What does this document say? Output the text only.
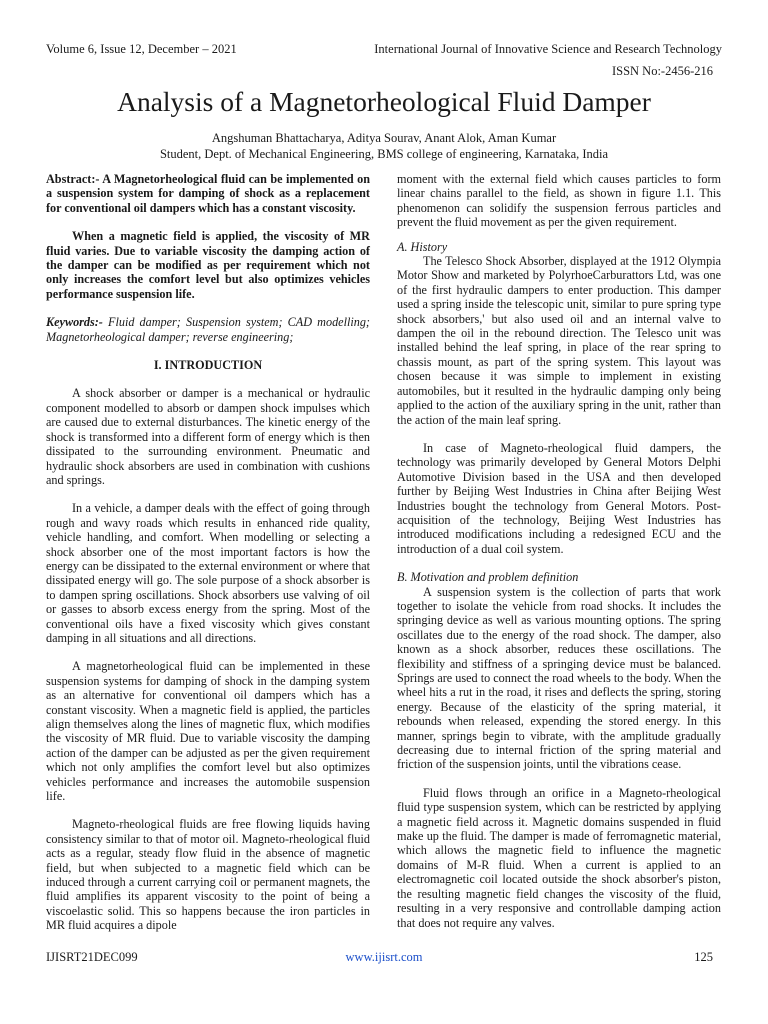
Volume 6, Issue 12, December – 2021	International Journal of Innovative Science and Research Technology
ISSN No:-2456-216
Analysis of a Magnetorheological Fluid Damper
Angshuman Bhattacharya, Aditya Sourav, Anant Alok, Aman Kumar
Student, Dept. of Mechanical Engineering, BMS college of engineering, Karnataka, India

Abstract:- A Magnetorheological fluid can be implemented on a suspension system for damping of shock as a replacement for conventional oil dampers which has a constant viscosity.

When a magnetic field is applied, the viscosity of MR fluid varies. Due to variable viscosity the damping action of the damper can be modified as per requirement which not only increases the comfort level but also optimizes vehicles performance suspension life.

Keywords:- Fluid damper; Suspension system; CAD modelling; Magnetorheological damper; reverse engineering;

I. INTRODUCTION

A shock absorber or damper is a mechanical or hydraulic component modelled to absorb or dampen shock impulses which are caused due to external disturbances. The kinetic energy of the shock is transformed into a different form of energy which is then dissipated to the surrounding environment. Pneumatic and hydraulic shock absorbers are used in combination with cushions and springs.

In a vehicle, a damper deals with the effect of going through rough and wavy roads which results in enhanced ride quality, vehicle handling, and comfort. When modelling or selecting a shock absorber one of the most important factors is how the energy can be dissipated to the external environment or where that dissipated energy will go. The sole purpose of a shock absorber is to dampen spring oscillations. Shock absorbers use valving of oil or gasses to absorb excess energy from the spring. Most of the conventional oils have a fixed viscosity which gives constant damping in all situations and all directions.

A magnetorheological fluid can be implemented in these suspension systems for damping of shock in the damping system as an alternative for conventional oil dampers which has a constant viscosity. When a magnetic field is applied, the particles align themselves along the lines of magnetic flux, which modifies the viscosity of MR fluid. Due to variable viscosity the damping action of the damper can be adjusted as per the given requirement which not only amplifies the comfort level but also optimizes vehicles performance and increases the automobile suspension life.

Magneto-rheological fluids are free flowing liquids having consistency similar to that of motor oil. Magneto-rheological fluid acts as a regular, steady flow fluid in the absence of magnetic field, but when subjected to a magnetic field which can be induced through a current carrying coil or permanent magnets, the fluid amplifies its apparent viscosity to the point of being a viscoelastic solid. This so happens because the iron particles in MR fluid acquires a dipole

moment with the external field which causes particles to form linear chains parallel to the field, as shown in figure 1.1. This phenomenon can solidify the suspension ferrous particles and prevent the fluid movement as per the given requirement.

A. History

The Telesco Shock Absorber, displayed at the 1912 Olympia Motor Show and marketed by PolyrhoeCarburattors Ltd, was one of the first hydraulic dampers to enter production. This damper used a spring inside the telescopic unit, similar to pure spring type shock absorbers,' but also used oil and an internal valve to dampen the oil in the rebound direction. The Telesco unit was installed behind the leaf spring, in place of the rear spring to chassis mount, as part of the spring system. This layout was chosen because it was simple to implement in existing automobiles, but it resulted in the hydraulic damping only being applied to the action of the auxiliary spring in the unit, rather than the action of the main leaf spring.

In case of Magneto-rheological fluid dampers, the technology was primarily developed by General Motors Delphi Automotive Division based in the USA and then developed further by Beijing West Industries in China after Beijing West Industries bought the technology from General Motors. Post-acquisition of the technology, Beijing West Industries has introduced modifications including a redesigned ECU and the introduction of a dual coil system.

B. Motivation and problem definition

A suspension system is the collection of parts that work together to isolate the vehicle from road shocks. It includes the springing device as well as various mounting options. The spring oscillates due to the energy of the road shock. The damper, also known as a shock absorber, reduces these oscillations. The flexibility and stiffness of a springing device must be balanced. Springs are used to connect the road wheels to the body. When the wheel hits a rut in the road, it rises and deflects the spring, storing energy. Because of the elasticity of the spring material, it rebounds when released, expending the stored energy. In this manner, springs begin to vibrate, with the amplitude gradually decreasing due to internal friction of the spring material and friction of the suspension joints, until the vibrations cease.

Fluid flows through an orifice in a Magneto-rheological fluid type suspension system, which can be restricted by applying a magnetic field across it. Magnetic domains suspended in fluid make up the fluid. The damper is made of ferromagnetic material, which allows the magnetic field to influence the magnetic domains of M-R fluid. When a current is applied to an electromagnetic coil located outside the shock absorber's piston, the resulting magnetic field changes the viscosity of the fluid, resulting in a very responsive and controllable damping action that does not require any valves.

IJISRT21DEC099	www.ijisrt.com	125
